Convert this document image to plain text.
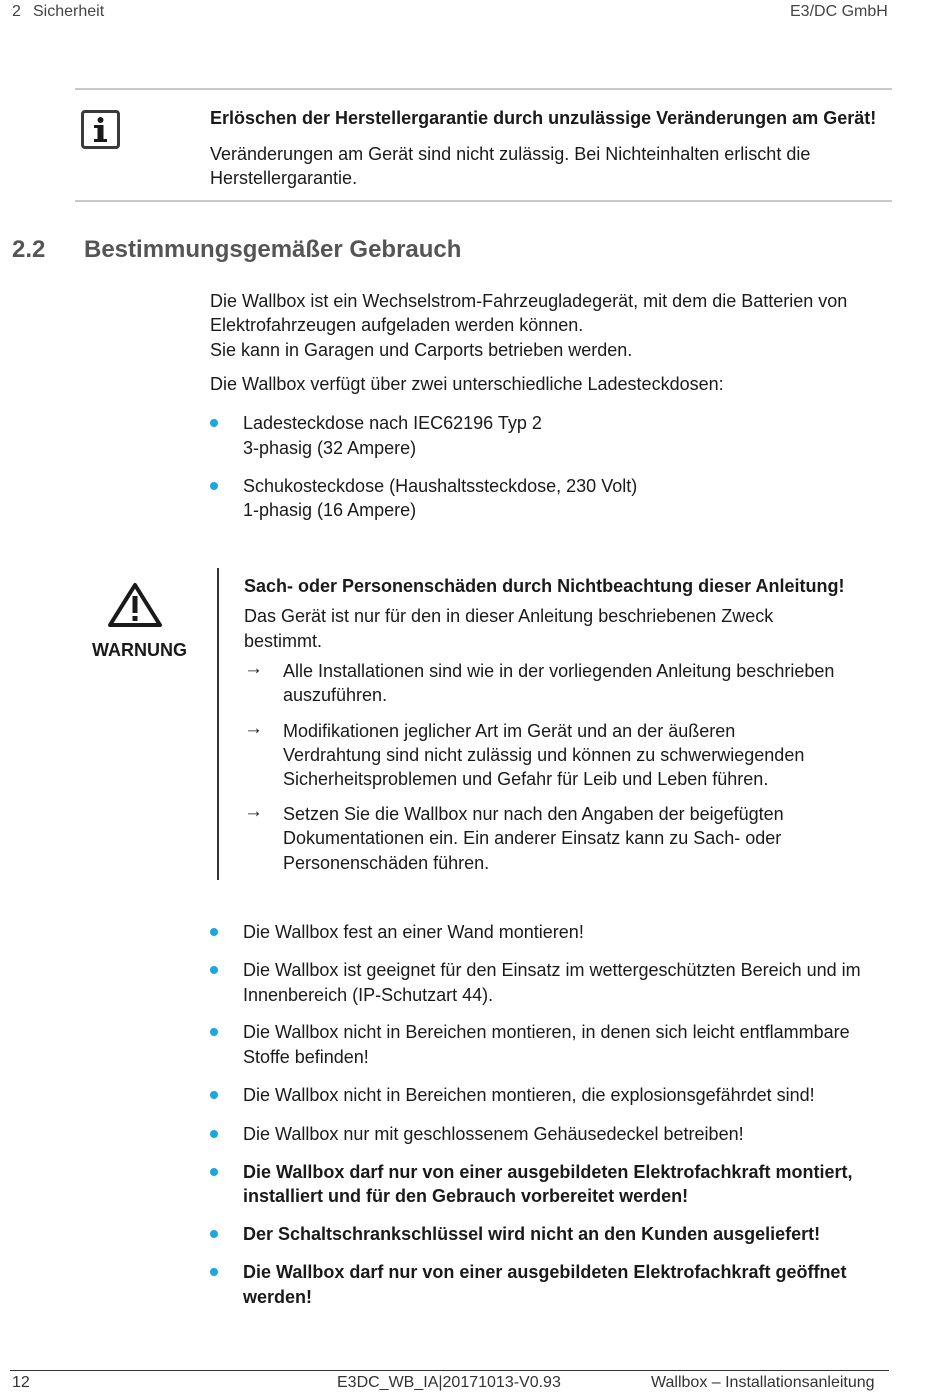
2 Sicherheit	E3/DC GmbH

Erlöschen der Herstellergarantie durch unzulässige Veränderungen am Gerät!

Veränderungen am Gerät sind nicht zulässig. Bei Nichteinhalten erlischt die

Herstellergarantie.

2.2 Bestimmungsgemäßer Gebrauch

Die Wallbox ist ein Wechselstrom-Fahrzeugladegerät, mit dem die Batterien von

Elektrofahrzeugen aufgeladen werden können.

Sie kann in Garagen und Carports betrieben werden.

Die Wallbox verfügt über zwei unterschiedliche Ladesteckdosen:

Ladesteckdose nach IEC62196 Typ 2

3-phasig (32 Ampere)

Schukosteckdose (Haushaltssteckdose, 230 Volt)

1-phasig (16 Ampere)

WARNUNG

Sach- oder Personenschäden durch Nichtbeachtung dieser Anleitung!

Das Gerät ist nur für den in dieser Anleitung beschriebenen Zweck

bestimmt.

→ Alle Installationen sind wie in der vorliegenden Anleitung beschrieben

auszuführen.

→ Modifikationen jeglicher Art im Gerät und an der äußeren

Verdrahtung sind nicht zulässig und können zu schwerwiegenden

Sicherheitsproblemen und Gefahr für Leib und Leben führen.

→ Setzen Sie die Wallbox nur nach den Angaben der beigefügten

Dokumentationen ein. Ein anderer Einsatz kann zu Sach- oder

Personenschäden führen.

Die Wallbox fest an einer Wand montieren!

Die Wallbox ist geeignet für den Einsatz im wettergeschützten Bereich und im

Innenbereich (IP-Schutzart 44).

Die Wallbox nicht in Bereichen montieren, in denen sich leicht entflammbare

Stoffe befinden!

Die Wallbox nicht in Bereichen montieren, die explosionsgefährdet sind!

Die Wallbox nur mit geschlossenem Gehäusedeckel betreiben!

Die Wallbox darf nur von einer ausgebildeten Elektrofachkraft montiert,

installiert und für den Gebrauch vorbereitet werden!

Der Schaltschrankschlüssel wird nicht an den Kunden ausgeliefert!

Die Wallbox darf nur von einer ausgebildeten Elektrofachkraft geöffnet

werden!

12	E3DC_WB_IA|20171013-V0.93	Wallbox – Installationsanleitung
